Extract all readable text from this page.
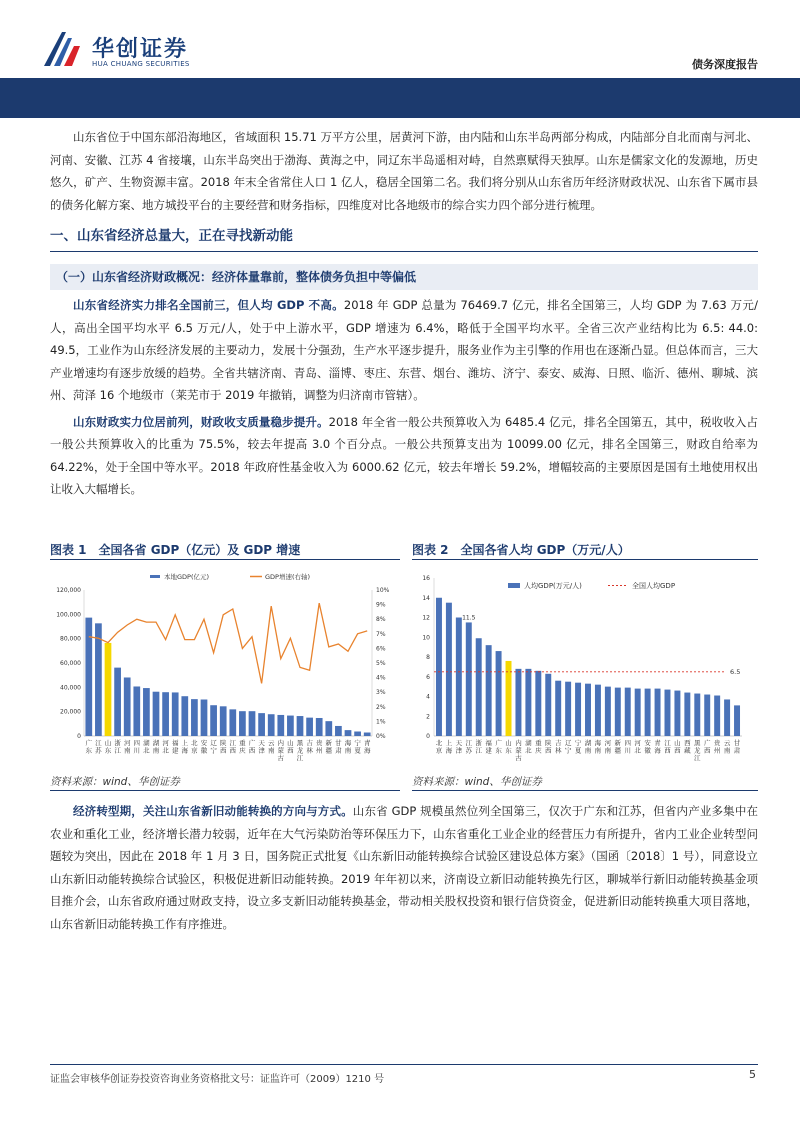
华创证券
HUA CHUANG SECURITIES	债务深度报告

山东省位于中国东部沿海地区，省域面积 15.71 万平方公里，居黄河下游，由内陆和山东半岛两部分构成，内陆部分自北而南与河北、河南、安徽、江苏 4 省接壤，山东半岛突出于渤海、黄海之中，同辽东半岛遥相对峙，自然禀赋得天独厚。山东是儒家文化的发源地，历史悠久，矿产、生物资源丰富。2018 年末全省常住人口 1 亿人，稳居全国第二名。我们将分别从山东省历年经济财政状况、山东省下属市县的债务化解方案、地方城投平台的主要经营和财务指标，四维度对比各地级市的综合实力四个部分进行梳理。

一、山东省经济总量大，正在寻找新动能
（一）山东省经济财政概况：经济体量靠前，整体债务负担中等偏低

山东省经济实力排名全国前三，但人均 GDP 不高。2018 年 GDP 总量为 76469.7 亿元，排名全国第三，人均 GDP 为 7.63 万元/人，高出全国平均水平 6.5 万元/人，处于中上游水平，GDP 增速为 6.4%，略低于全国平均水平。全省三次产业结构比为 6.5: 44.0: 49.5，工业作为山东经济发展的主要动力，发展十分强劲，生产水平逐步提升，服务业作为主引擎的作用也在逐渐凸显。但总体而言，三大产业增速均有逐步放缓的趋势。全省共辖济南、青岛、淄博、枣庄、东营、烟台、潍坊、济宁、泰安、威海、日照、临沂、德州、聊城、滨州、菏泽 16 个地级市（莱芜市于 2019 年撤销，调整为归济南市管辖）。

山东财政实力位居前列，财政收支质量稳步提升。2018 年全省一般公共预算收入为 6485.4 亿元，排名全国第五，其中，税收收入占一般公共预算收入的比重为 75.5%，较去年提高 3.0 个百分点。一般公共预算支出为 10099.00 亿元，排名全国第三，财政自给率为 64.22%，处于全国中等水平。2018 年政府性基金收入为 6000.62 亿元，较去年增长 59.2%，增幅较高的主要原因是国有土地使用权出让收入大幅增长。

图表 1　全国各省 GDP（亿元）及 GDP 增速	图表 2　全国各省人均 GDP（万元/人）
0
20,000
40,000
60,000
80,000
100,000
120,000
0%
1%
2%
3%
4%
5%
6%
7%
8%
9%
10%
广东
江苏
山东
浙江
河南
四川
湖北
湖南
河北
福建
上海
北京
安徽
辽宁
陕西
江西
重庆
广西
天津
云南
内蒙古
山西
黑龙江
吉林
贵州
新疆
甘肃
海南
宁夏
青海
本地GDP(亿元)	GDP增速(右轴)
0
2
4
6
8
10
12
14
16
6.5
北京
上海
天津
江苏
11.5
浙江
福建
广东
山东
内蒙古
湖北
重庆
陕西
吉林
辽宁
宁夏
湖南
海南
河南
新疆
四川
河北
安徽
青海
江西
山西
西藏
黑龙江
广西
贵州
云南
甘肃
人均GDP(万元/人)	全国人均GDP
资料来源：wind、华创证券	资料来源：wind、华创证券

经济转型期，关注山东省新旧动能转换的方向与方式。山东省 GDP 规模虽然位列全国第三，仅次于广东和江苏，但省内产业多集中在农业和重化工业，经济增长潜力较弱，近年在大气污染防治等环保压力下，山东省重化工业企业的经营压力有所提升，省内工业企业转型问题较为突出，因此在 2018 年 1 月 3 日，国务院正式批复《山东新旧动能转换综合试验区建设总体方案》（国函〔2018〕1 号），同意设立山东新旧动能转换综合试验区，积极促进新旧动能转换。2019 年年初以来，济南设立新旧动能转换先行区，聊城举行新旧动能转换基金项目推介会，山东省政府通过财政支持，设立多支新旧动能转换基金，带动相关股权投资和银行信贷资金，促进新旧动能转换重大项目落地，山东省新旧动能转换工作有序推进。

证监会审核华创证券投资咨询业务资格批文号：证监许可（2009）1210 号	5
